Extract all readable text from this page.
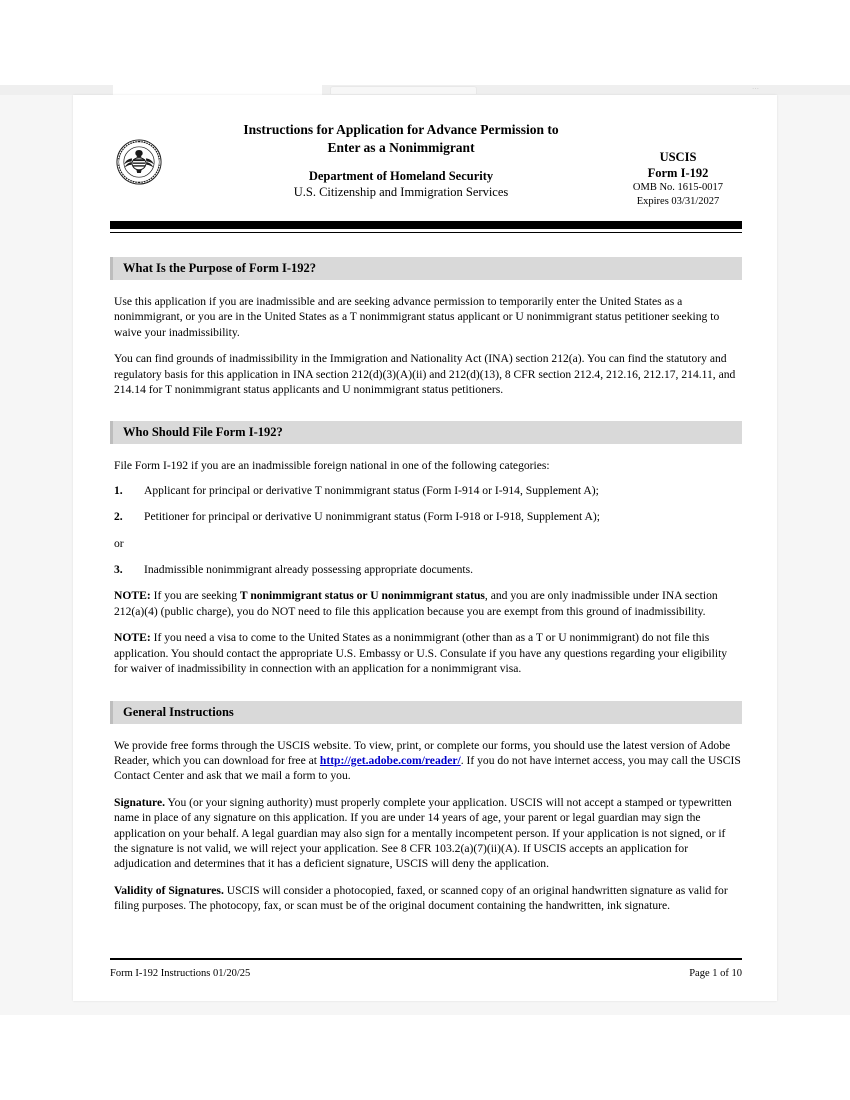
⋯
Instructions for Application for Advance Permission to
Enter as a Nonimmigrant
Department of Homeland Security
U.S. Citizenship and Immigration Services
USCIS
Form I-192
OMB No. 1615-0017
Expires 03/31/2027
What Is the Purpose of Form I-192?

Use this application if you are inadmissible and are seeking advance permission to temporarily enter the United States as a nonimmigrant, or you are in the United States as a T nonimmigrant status applicant or U nonimmigrant status petitioner seeking to waive your inadmissibility.

You can find grounds of inadmissibility in the Immigration and Nationality Act (INA) section 212(a). You can find the statutory and regulatory basis for this application in INA section 212(d)(3)(A)(ii) and 212(d)(13), 8 CFR section 212.4, 212.16, 212.17, 214.11, and 214.14 for T nonimmigrant status applicants and U nonimmigrant status petitioners.

Who Should File Form I-192?

File Form I-192 if you are an inadmissible foreign national in one of the following categories:

1. Applicant for principal or derivative T nonimmigrant status (Form I-914 or I-914, Supplement A);
2. Petitioner for principal or derivative U nonimmigrant status (Form I-918 or I-918, Supplement A);

or

3. Inadmissible nonimmigrant already possessing appropriate documents.

NOTE: If you are seeking T nonimmigrant status or U nonimmigrant status, and you are only inadmissible under INA section 212(a)(4) (public charge), you do NOT need to file this application because you are exempt from this ground of inadmissibility.

NOTE: If you need a visa to come to the United States as a nonimmigrant (other than as a T or U nonimmigrant) do not file this application. You should contact the appropriate U.S. Embassy or U.S. Consulate if you have any questions regarding your eligibility for waiver of inadmissibility in connection with an application for a nonimmigrant visa.

General Instructions

We provide free forms through the USCIS website. To view, print, or complete our forms, you should use the latest version of Adobe Reader, which you can download for free at http://get.adobe.com/reader/. If you do not have internet access, you may call the USCIS Contact Center and ask that we mail a form to you.

Signature. You (or your signing authority) must properly complete your application. USCIS will not accept a stamped or typewritten name in place of any signature on this application. If you are under 14 years of age, your parent or legal guardian may sign the application on your behalf. A legal guardian may also sign for a mentally incompetent person. If your application is not signed, or if the signature is not valid, we will reject your application. See 8 CFR 103.2(a)(7)(ii)(A). If USCIS accepts an application for adjudication and determines that it has a deficient signature, USCIS will deny the application.

Validity of Signatures. USCIS will consider a photocopied, faxed, or scanned copy of an original handwritten signature as valid for filing purposes. The photocopy, fax, or scan must be of the original document containing the handwritten, ink signature.

Form I-192 Instructions 01/20/25	Page 1 of 10
